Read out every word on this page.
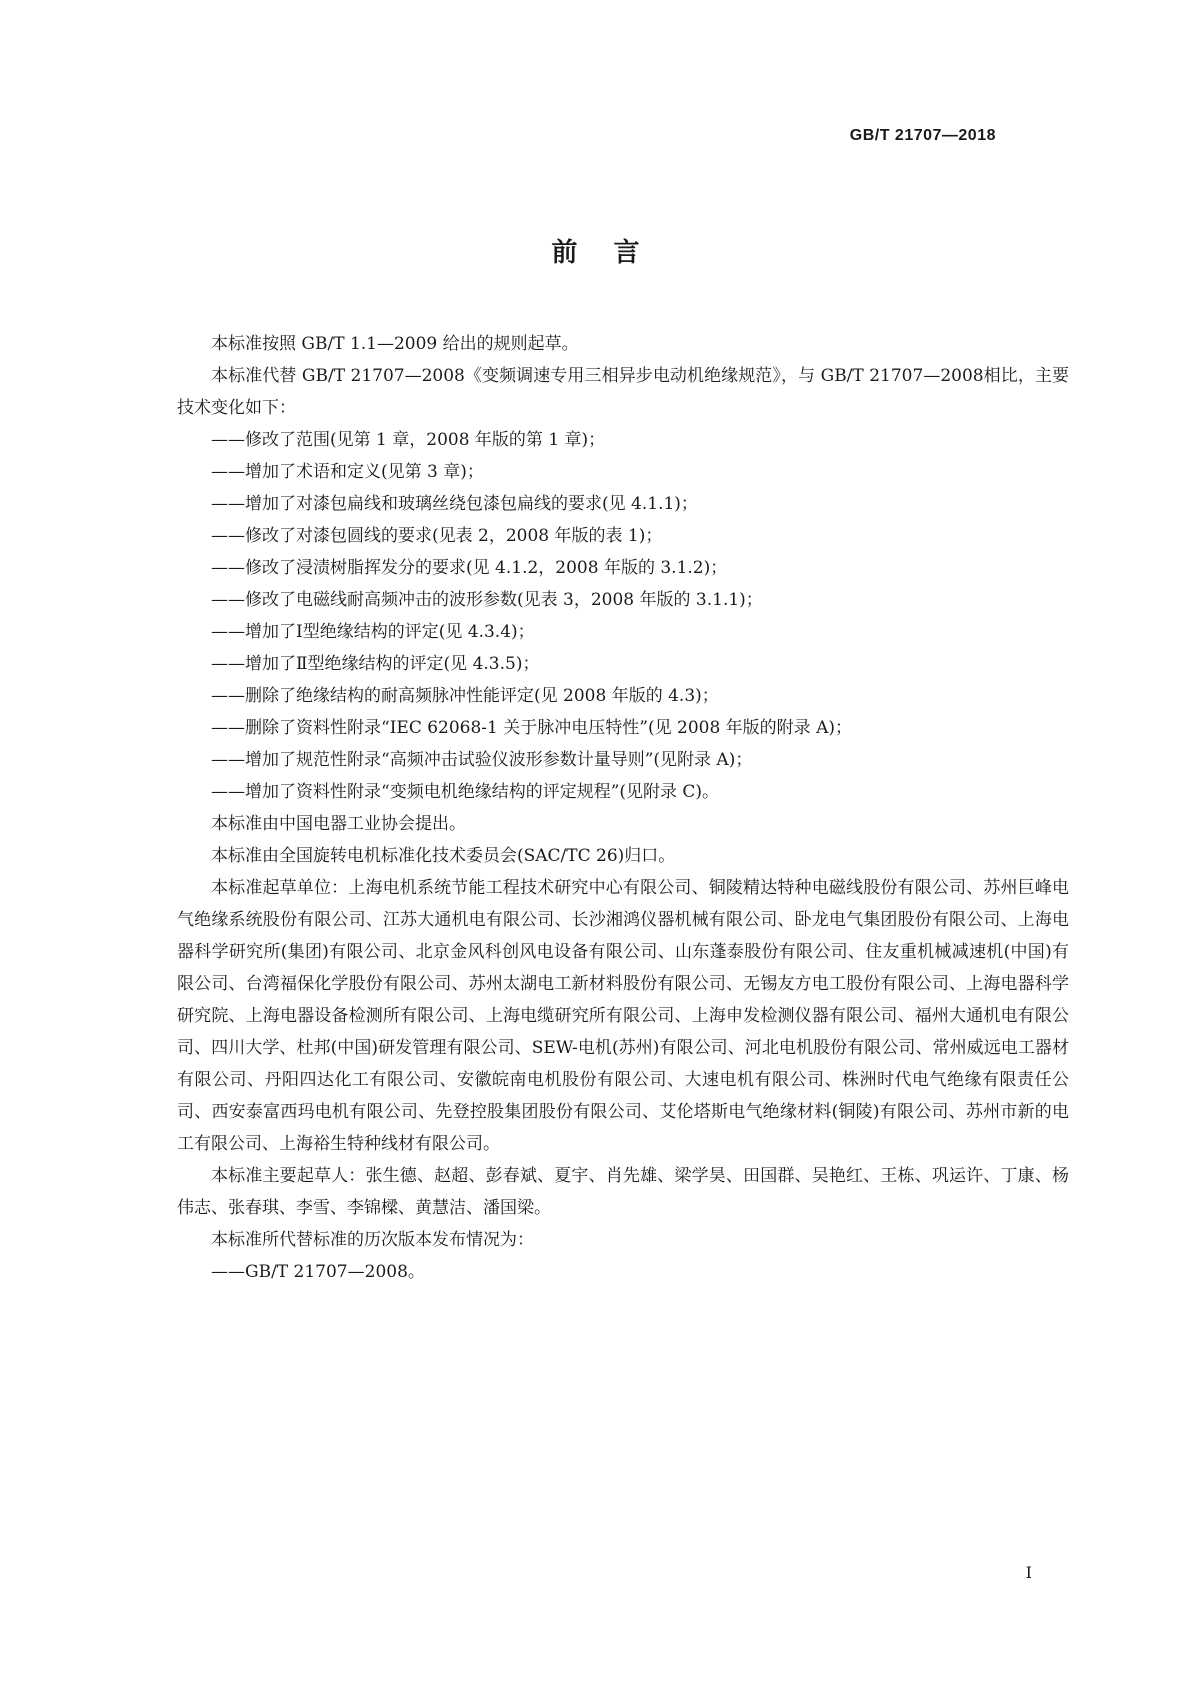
GB/T 21707—2018
前言

本标准按照 GB/T 1.1—2009 给出的规则起草。

本标准代替 GB/T 21707—2008《变频调速专用三相异步电动机绝缘规范》，与 GB/T 21707—2008相比，主要技术变化如下：

——修改了范围(见第 1 章，2008 年版的第 1 章)；

——增加了术语和定义(见第 3 章)；

——增加了对漆包扁线和玻璃丝绕包漆包扁线的要求(见 4.1.1)；

——修改了对漆包圆线的要求(见表 2，2008 年版的表 1)；

——修改了浸渍树脂挥发分的要求(见 4.1.2，2008 年版的 3.1.2)；

——修改了电磁线耐高频冲击的波形参数(见表 3，2008 年版的 3.1.1)；

——增加了Ⅰ型绝缘结构的评定(见 4.3.4)；

——增加了Ⅱ型绝缘结构的评定(见 4.3.5)；

——删除了绝缘结构的耐高频脉冲性能评定(见 2008 年版的 4.3)；

——删除了资料性附录“IEC 62068-1 关于脉冲电压特性”(见 2008 年版的附录 A)；

——增加了规范性附录“高频冲击试验仪波形参数计量导则”(见附录 A)；

——增加了资料性附录“变频电机绝缘结构的评定规程”(见附录 C)。

本标准由中国电器工业协会提出。

本标准由全国旋转电机标准化技术委员会(SAC/TC 26)归口。

本标准起草单位：上海电机系统节能工程技术研究中心有限公司、铜陵精达特种电磁线股份有限公司、苏州巨峰电气绝缘系统股份有限公司、江苏大通机电有限公司、长沙湘鸿仪器机械有限公司、卧龙电气集团股份有限公司、上海电器科学研究所(集团)有限公司、北京金风科创风电设备有限公司、山东蓬泰股份有限公司、住友重机械减速机(中国)有限公司、台湾福保化学股份有限公司、苏州太湖电工新材料股份有限公司、无锡友方电工股份有限公司、上海电器科学研究院、上海电器设备检测所有限公司、上海电缆研究所有限公司、上海申发检测仪器有限公司、福州大通机电有限公司、四川大学、杜邦(中国)研发管理有限公司、SEW-电机(苏州)有限公司、河北电机股份有限公司、常州威远电工器材有限公司、丹阳四达化工有限公司、安徽皖南电机股份有限公司、大速电机有限公司、株洲时代电气绝缘有限责任公司、西安泰富西玛电机有限公司、先登控股集团股份有限公司、艾伦塔斯电气绝缘材料(铜陵)有限公司、苏州市新的电工有限公司、上海裕生特种线材有限公司。

本标准主要起草人：张生德、赵超、彭春斌、夏宇、肖先雄、梁学昊、田国群、吴艳红、王栋、巩运许、丁康、杨伟志、张春琪、李雪、李锦樑、黄慧洁、潘国梁。

本标准所代替标准的历次版本发布情况为：

——GB/T 21707—2008。

I
